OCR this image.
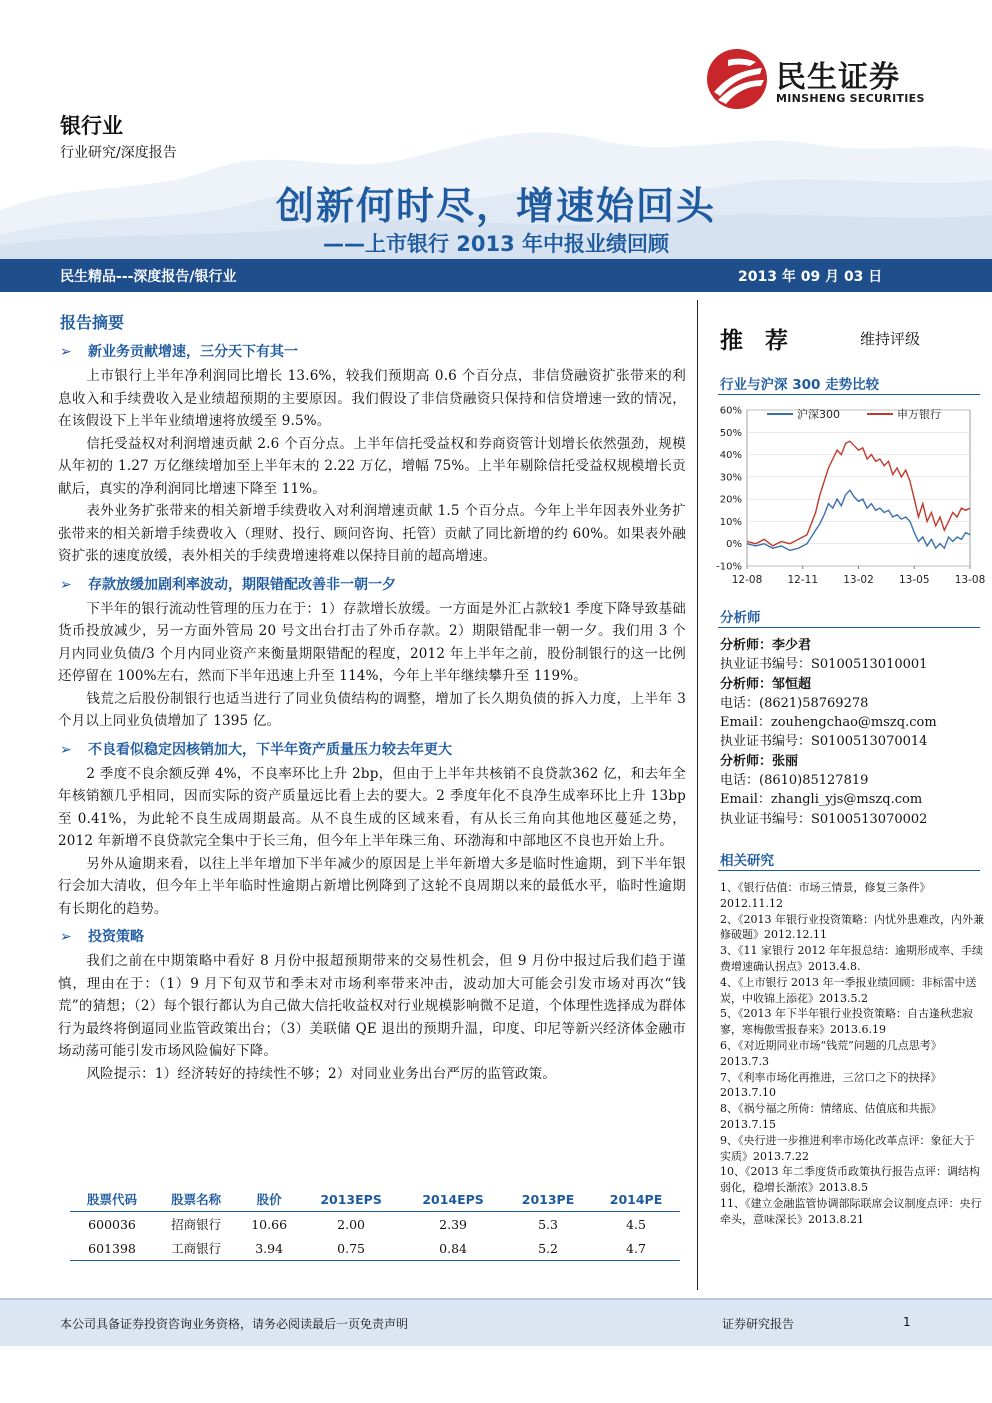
民生证券
MINSHENG SECURITIES
银行业
行业研究/深度报告
创新何时尽，增速始回头
——上市银行 2013 年中报业绩回顾
民生精品---深度报告/银行业	2013 年 09 月 03 日
报告摘要
➢ 新业务贡献增速，三分天下有其一

上市银行上半年净利润同比增长 13.6%，较我们预期高 0.6 个百分点，非信贷融资扩张带来的利息收入和手续费收入是业绩超预期的主要原因。我们假设了非信贷融资只保持和信贷增速一致的情况，在该假设下上半年业绩增速将放缓至 9.5%。

信托受益权对利润增速贡献 2.6 个百分点。上半年信托受益权和券商资管计划增长依然强劲，规模从年初的 1.27 万亿继续增加至上半年末的 2.22 万亿，增幅 75%。上半年剔除信托受益权规模增长贡献后，真实的净利润同比增速下降至 11%。

表外业务扩张带来的相关新增手续费收入对利润增速贡献 1.5 个百分点。今年上半年因表外业务扩张带来的相关新增手续费收入（理财、投行、顾问咨询、托管）贡献了同比新增的约 60%。如果表外融资扩张的速度放缓，表外相关的手续费增速将难以保持目前的超高增速。

➢ 存款放缓加剧利率波动，期限错配改善非一朝一夕

下半年的银行流动性管理的压力在于：1）存款增长放缓。一方面是外汇占款较1 季度下降导致基础货币投放减少，另一方面外管局 20 号文出台打击了外币存款。2）期限错配非一朝一夕。我们用 3 个月内同业负债/3 个月内同业资产来衡量期限错配的程度，2012 年上半年之前，股份制银行的这一比例还停留在 100%左右，然而下半年迅速上升至 114%，今年上半年继续攀升至 119%。

钱荒之后股份制银行也适当进行了同业负债结构的调整，增加了长久期负债的拆入力度，上半年 3 个月以上同业负债增加了 1395 亿。

➢ 不良看似稳定因核销加大，下半年资产质量压力较去年更大

2 季度不良余额反弹 4%，不良率环比上升 2bp，但由于上半年共核销不良贷款362 亿，和去年全年核销额几乎相同，因而实际的资产质量远比看上去的要大。2 季度年化不良净生成率环比上升 13bp 至 0.41%，为此轮不良生成周期最高。从不良生成的区域来看，有从长三角向其他地区蔓延之势，2012 年新增不良贷款完全集中于长三角，但今年上半年珠三角、环渤海和中部地区不良也开始上升。

另外从逾期来看，以往上半年增加下半年减少的原因是上半年新增大多是临时性逾期，到下半年银行会加大清收，但今年上半年临时性逾期占新增比例降到了这轮不良周期以来的最低水平，临时性逾期有长期化的趋势。

➢ 投资策略

我们之前在中期策略中看好 8 月份中报超预期带来的交易性机会，但 9 月份中报过后我们趋于谨慎，理由在于：（1）9 月下旬双节和季末对市场利率带来冲击，波动加大可能会引发市场对再次“钱荒”的猜想；（2）每个银行都认为自己做大信托收益权对行业规模影响微不足道，个体理性选择成为群体行为最终将倒逼同业监管政策出台；（3）美联储 QE 退出的预期升温，印度、印尼等新兴经济体金融市场动荡可能引发市场风险偏好下降。

风险提示：1）经济转好的持续性不够；2）对同业业务出台严厉的监管政策。

股票代码	股票名称	股价	2013EPS	2014EPS	2013PE	2014PE
600036	招商银行	10.66	2.00	2.39	5.3	4.5
601398	工商银行	3.94	0.75	0.84	5.2	4.7
推荐	维持评级
行业与沪深 300 走势比较
60%
50%
40%
30%
20%
10%
0%
-10%
12-08 12-11 13-02 13-05 13-08
沪深300	申万银行
分析师
分析师：李少君
执业证书编号：S0100513010001
分析师：邹恒超
电话：(8621)58769278
Email：zouhengchao@mszq.com
执业证书编号：S0100513070014
分析师：张丽
电话：(8610)85127819
Email：zhangli_yjs@mszq.com
执业证书编号：S0100513070002
相关研究
1、《银行估值：市场三情景，修复三条件》2012.11.12
2、《2013 年银行业投资策略：内忧外患难改，内外兼修破题》2012.12.11
3、《11 家银行 2012 年年报总结：逾期形成率、手续费增速确认拐点》2013.4.8.
4、《上市银行 2013 年一季报业绩回顾：非标雷中送炭，中收锦上添花》2013.5.2
5、《2013 年下半年银行业投资策略：自古逢秋悲寂寥，寒梅傲雪报春来》2013.6.19
6、《对近期同业市场“钱荒”问题的几点思考》2013.7.3
7、《利率市场化再推进，三岔口之下的抉择》2013.7.10
8、《祸兮福之所倚：情绪底、估值底和共振》2013.7.15
9、《央行进一步推进利率市场化改革点评：象征大于实质》2013.7.22
10、《2013 年二季度货币政策执行报告点评：调结构弱化，稳增长渐浓》2013.8.5
11、《建立金融监管协调部际联席会议制度点评：央行牵头，意味深长》2013.8.21
本公司具备证券投资咨询业务资格，请务必阅读最后一页免责声明	证券研究报告	1
